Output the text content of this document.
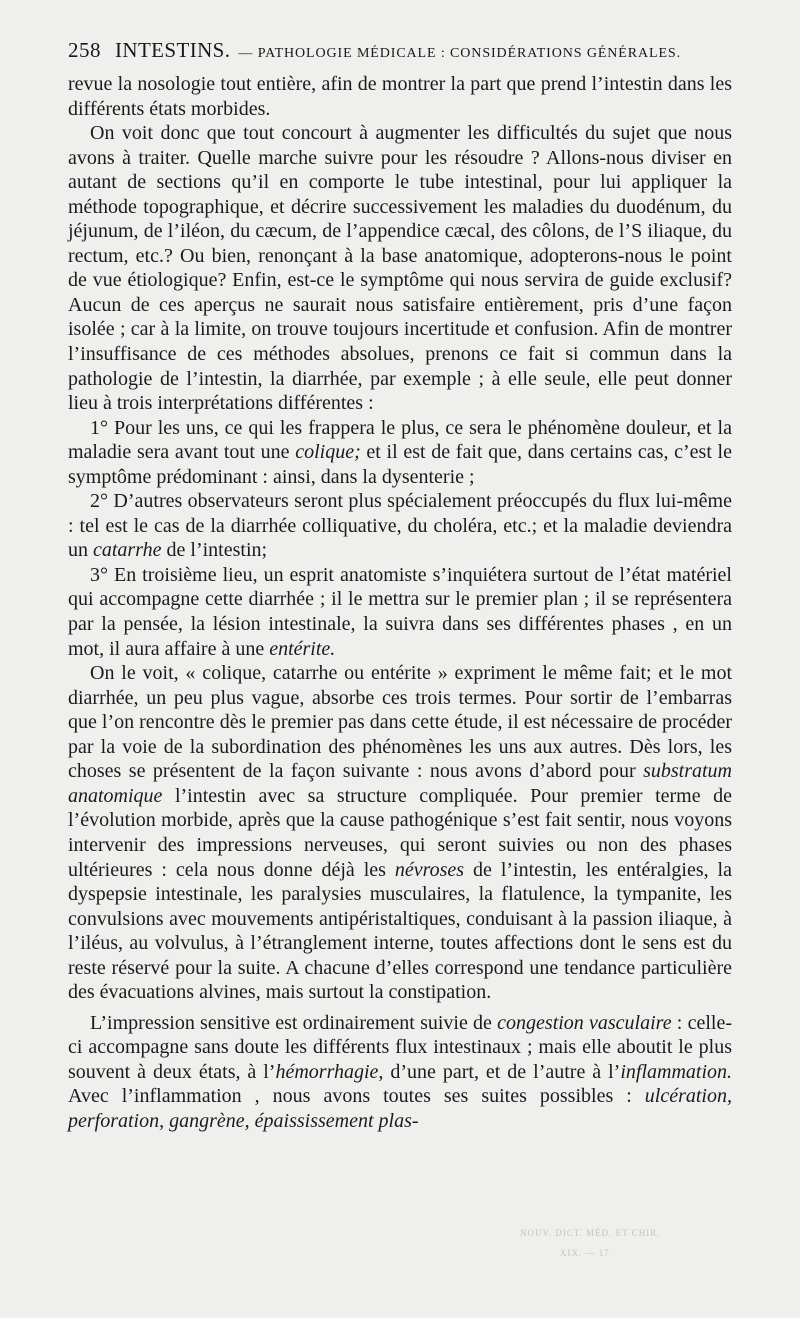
258 INTESTINS. — PATHOLOGIE MÉDICALE : CONSIDÉRATIONS GÉNÉRALES.

revue la nosologie tout entière, afin de montrer la part que prend l’intestin dans les différents états morbides.

On voit donc que tout concourt à augmenter les difficultés du sujet que nous avons à traiter. Quelle marche suivre pour les résoudre ? Allons-nous diviser en autant de sections qu’il en comporte le tube intestinal, pour lui appliquer la méthode topographique, et décrire successivement les maladies du duodénum, du jéjunum, de l’iléon, du cæcum, de l’appendice cæcal, des côlons, de l’S iliaque, du rectum, etc.? Ou bien, renonçant à la base anatomique, adopterons-nous le point de vue étiologique? Enfin, est-ce le symptôme qui nous servira de guide exclusif? Aucun de ces aperçus ne saurait nous satisfaire entièrement, pris d’une façon isolée ; car à la limite, on trouve toujours incertitude et confusion. Afin de montrer l’insuffisance de ces méthodes absolues, prenons ce fait si commun dans la pathologie de l’intestin, la diarrhée, par exemple ; à elle seule, elle peut donner lieu à trois interprétations différentes :

1° Pour les uns, ce qui les frappera le plus, ce sera le phénomène douleur, et la maladie sera avant tout une colique; et il est de fait que, dans certains cas, c’est le symptôme prédominant : ainsi, dans la dysenterie ;

2° D’autres observateurs seront plus spécialement préoccupés du flux lui-même : tel est le cas de la diarrhée colliquative, du choléra, etc.; et la maladie deviendra un catarrhe de l’intestin;

3° En troisième lieu, un esprit anatomiste s’inquiétera surtout de l’état matériel qui accompagne cette diarrhée ; il le mettra sur le premier plan ; il se représentera par la pensée, la lésion intestinale, la suivra dans ses différentes phases , en un mot, il aura affaire à une entérite.

On le voit, « colique, catarrhe ou entérite » expriment le même fait; et le mot diarrhée, un peu plus vague, absorbe ces trois termes. Pour sortir de l’embarras que l’on rencontre dès le premier pas dans cette étude, il est nécessaire de procéder par la voie de la subordination des phénomènes les uns aux autres. Dès lors, les choses se présentent de la façon suivante : nous avons d’abord pour substratum anatomique l’intestin avec sa structure compliquée. Pour premier terme de l’évolution morbide, après que la cause pathogénique s’est fait sentir, nous voyons intervenir des impressions nerveuses, qui seront suivies ou non des phases ultérieures : cela nous donne déjà les névroses de l’intestin, les entéralgies, la dyspepsie intestinale, les paralysies musculaires, la flatulence, la tympanite, les convulsions avec mouvements antipéristaltiques, conduisant à la passion iliaque, à l’iléus, au volvulus, à l’étranglement interne, toutes affections dont le sens est du reste réservé pour la suite. A chacune d’elles correspond une tendance particulière des évacuations alvines, mais surtout la constipation.

L’impression sensitive est ordinairement suivie de congestion vasculaire : celle-ci accompagne sans doute les différents flux intestinaux ; mais elle aboutit le plus souvent à deux états, à l’hémorrhagie, d’une part, et de l’autre à l’inflammation. Avec l’inflammation , nous avons toutes ses suites possibles : ulcération, perforation, gangrène, épaississement plas-

NOUV. DICT. MÉD. ET CHIR.
XIX. — 17
